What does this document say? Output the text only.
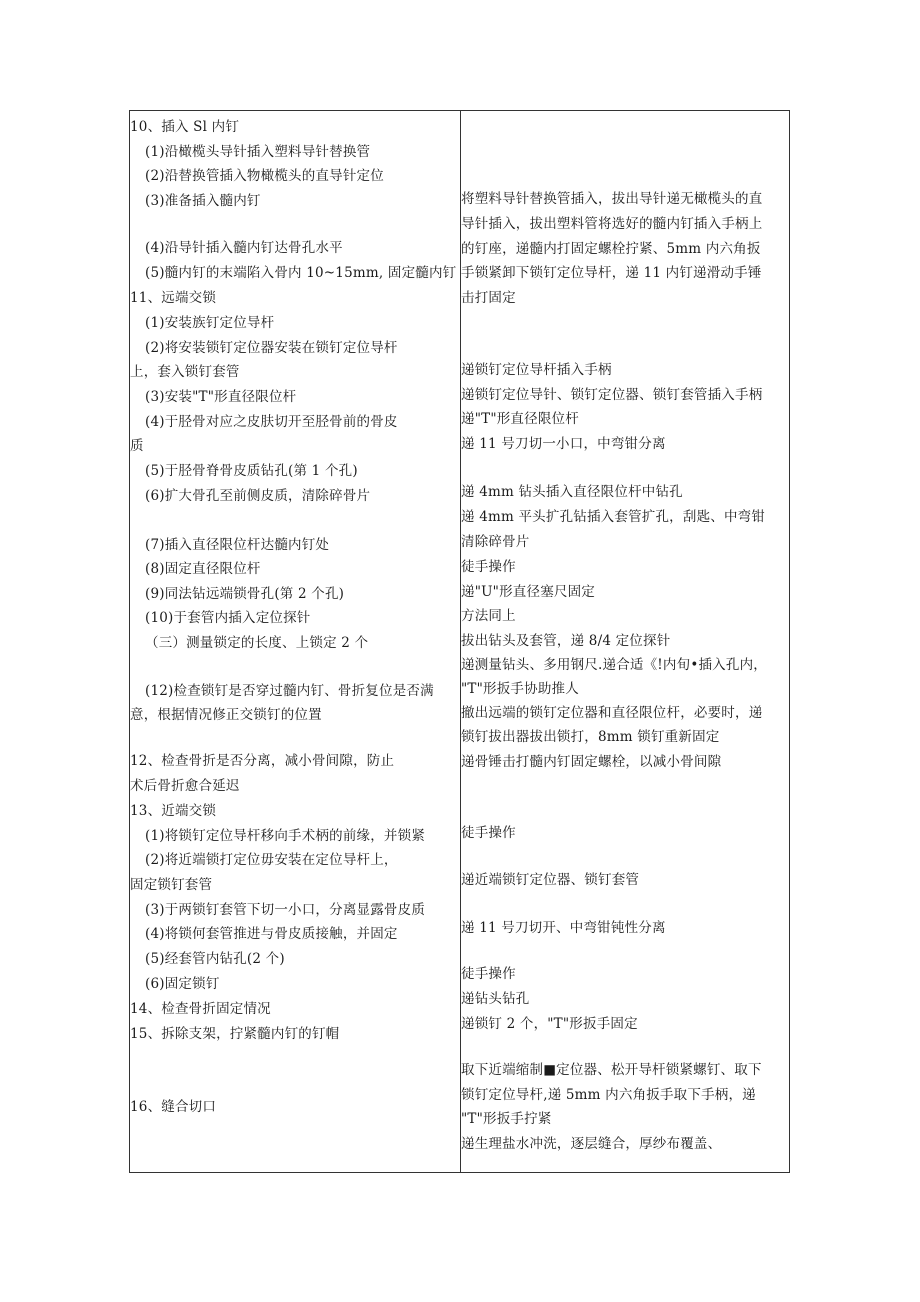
10、插入 Sl 内钉
(1)沿橄榄头导针插入塑料导针替换管
(2)沿替换管插入物橄榄头的直导针定位
(3)准备插入髓内钉
(4)沿导针插入髓内钉达骨孔水平
(5)髓内钉的末端陷入骨内 10~15mm, 固定髓内钉
11、远端交锁
(1)安装族钉定位导杆
(2)将安装锁钉定位器安装在锁钉定位导杆
上，套入锁钉套管
(3)安装"T"形直径限位杆
(4)于胫骨对应之皮肤切开至胫骨前的骨皮
质
(5)于胫骨脊骨皮质钻孔(第 1 个孔)
(6)扩大骨孔至前侧皮质，清除碎骨片
(7)插入直径限位杆达髓内钉处
(8)固定直径限位杆
(9)同法钻远端锁骨孔(第 2 个孔)
(10)于套管内插入定位探针
（三）测量锁定的长度、上锁定 2 个
(12)检查锁钉是否穿过髓内钉、骨折复位是否满
意，根据情况修正交锁钉的位置
12、检查骨折是否分离，减小骨间隙，防止
术后骨折愈合延迟
13、近端交锁
(1)将锁钉定位导杆移向手术柄的前缘，并锁紧
(2)将近端锁打定位毋安装在定位导杆上，
固定锁钉套管
(3)于两锁钉套管下切一小口，分离显露骨皮质
(4)将锁何套管推进与骨皮质接触，并固定
(5)经套管内钻孔(2 个)
(6)固定锁钉
14、检查骨折固定情况
15、拆除支架，拧紧髓内钉的钉帽
16、缝合切口
将塑料导针替换管插入，拔出导针递无橄榄头的直
导针插入，拔出塑料管将选好的髓内钉插入手柄上
的钉座，递髓内打固定螺栓拧紧、5mm 内六角扳
手锁紧卸下锁钉定位导杆，递 11 内钉递滑动手锤
击打固定
递锁钉定位导杆插入手柄
递锁钉定位导针、锁钉定位器、锁钉套管插入手柄
递"T"形直径限位杆
递 11 号刀切一小口，中弯钳分离
递 4mm 钻头插入直径限位杆中钻孔
递 4mm 平头扩孔钻插入套管扩孔，刮匙、中弯钳
清除碎骨片
徒手操作
递"U"形直径塞尺固定
方法同上
拔出钻头及套管，递 8/4 定位探针
递测量钻头、多用钢尺.递合适《!内旬•插入孔内，
"T"形扳手协助推人
撤出远端的锁钉定位器和直径限位杆，必要时，递
锁钉拔出器拔出锁打，8mm 锁钉重新固定
递骨锤击打髓内钉固定螺栓，以减小骨间隙
徒手操作
递近端锁钉定位器、锁钉套管
递 11 号刀切开、中弯钳钝性分离
徒手操作
递钻头钻孔
递锁钉 2 个，"T"形扳手固定
取下近端缩制■定位器、松开导杆锁紧螺钉、取下
锁钉定位导杆,递 5mm 内六角扳手取下手柄，递
"T"形扳手拧紧
递生理盐水冲洗，逐层缝合，厚纱布覆盖、
